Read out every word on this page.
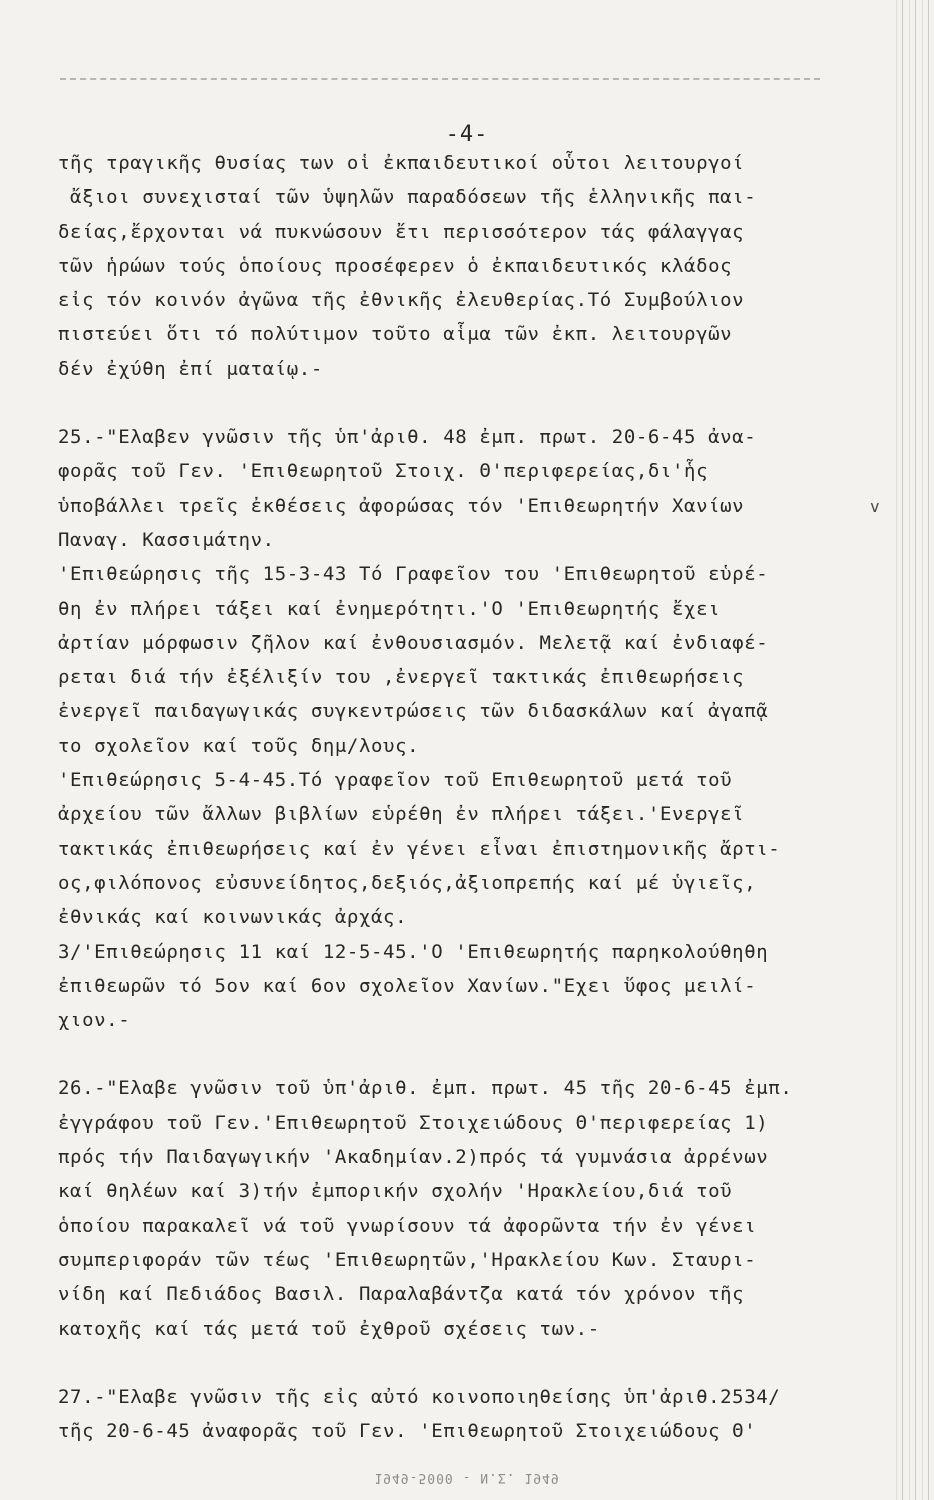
-4-
τῆς τραγικῆς θυσίας των οἱ ἐκπαιδευτικοί οὗτοι λειτουργοί
ἄξιοι συνεχισταί τῶν ὑψηλῶν παραδόσεων τῆς ἑλληνικῆς παι-
δείας,ἔρχονται νά πυκνώσουν ἔτι περισσότερον τάς φάλαγγας
τῶν ἡρώων τούς ὁποίους προσέφερεν ὁ ἐκπαιδευτικός κλάδος
εἰς τόν κοινόν ἀγῶνα τῆς ἐθνικῆς ἐλευθερίας.Τό Συμβούλιον
πιστεύει ὅτι τό πολύτιμον τοῦτο αἷμα τῶν ἐκπ. λειτουργῶν
δέν ἐχύθη ἐπί ματαίῳ.-
25.-"Ελαβεν γνῶσιν τῆς ὑπ'ἀριθ. 48 ἐμπ. πρωτ. 20-6-45 ἀνα-
φορᾶς τοῦ Γεν. 'Επιθεωρητοῦ Στοιχ. Θ'περιφερείας,δι'ἧς
ὑποβάλλει τρεῖς ἐκθέσεις ἀφορώσας τόν 'Επιθεωρητήν Χανίων
Παναγ. Κασσιμάτην.
'Επιθεώρησις τῆς 15-3-43 Τό Γραφεῖον του 'Επιθεωρητοῦ εὑρέ-
θη ἐν πλήρει τάξει καί ἐνημερότητι.'Ο 'Επιθεωρητής ἔχει
ἀρτίαν μόρφωσιν ζῆλον καί ἐνθουσιασμόν. Μελετᾷ καί ἐνδιαφέ-
ρεται διά τήν ἐξέλιξίν του ,ἐνεργεῖ τακτικάς ἐπιθεωρήσεις
ἐνεργεῖ παιδαγωγικάς συγκεντρώσεις τῶν διδασκάλων καί ἀγαπᾷ
το σχολεῖον καί τοῦς δημ/λους.
'Επιθεώρησις 5-4-45.Τό γραφεῖον τοῦ Επιθεωρητοῦ μετά τοῦ
ἀρχείου τῶν ἄλλων βιβλίων εὑρέθη ἐν πλήρει τάξει.'Ενεργεῖ
τακτικάς ἐπιθεωρήσεις καί ἐν γένει εἶναι ἐπιστημονικῆς ἄρτι-
ος,φιλόπονος εὐσυνείδητος,δεξιός,ἀξιοπρεπής καί μέ ὑγιεῖς,
ἐθνικάς καί κοινωνικάς ἀρχάς.
3/'Επιθεώρησις 11 καί 12-5-45.'Ο 'Επιθεωρητής παρηκολούθηθη
ἐπιθεωρῶν τό 5ον καί 6ον σχολεῖον Χανίων."Εχει ὕφος μειλί-
χιον.-
26.-"Ελαβε γνῶσιν τοῦ ὑπ'ἀριθ. ἐμπ. πρωτ. 45 τῆς 20-6-45 ἐμπ.
ἐγγράφου τοῦ Γεν.'Επιθεωρητοῦ Στοιχειώδους Θ'περιφερείας 1)
πρός τήν Παιδαγωγικήν 'Ακαδημίαν.2)πρός τά γυμνάσια ἀρρένων
καί θηλέων καί 3)τήν ἐμπορικήν σχολήν 'Ηρακλείου,διά τοῦ
ὁποίου παρακαλεῖ νά τοῦ γνωρίσουν τά ἀφορῶντα τήν ἐν γένει
συμπεριφοράν τῶν τέως 'Επιθεωρητῶν,'Ηρακλείου Κων. Σταυρι-
νίδη καί Πεδιάδος Βασιλ. Παραλαβάντζα κατά τόν χρόνον τῆς
κατοχῆς καί τάς μετά τοῦ ἐχθροῦ σχέσεις των.-
27.-"Ελαβε γνῶσιν τῆς εἰς αὐτό κοινοποιηθείσης ὑπ'ἀριθ.2534/
τῆς 20-6-45 ἀναφορᾶς τοῦ Γεν. 'Επιθεωρητοῦ Στοιχειώδους Θ'
v
1949-5000 - Ν.Σ. 1949
